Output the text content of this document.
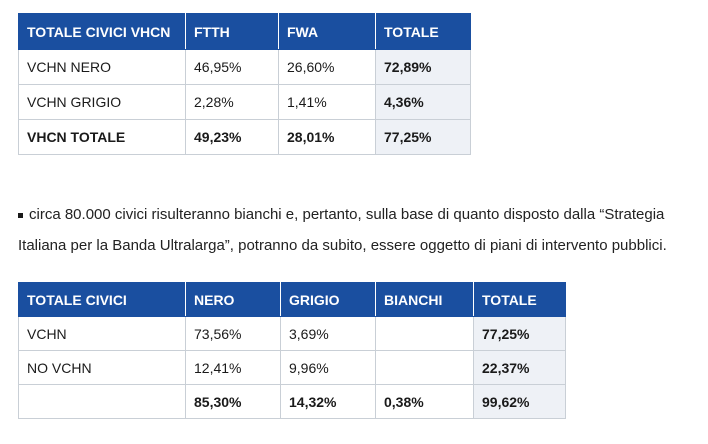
TOTALE CIVICI VHCN	FTTH	FWA	TOTALE
VCHN NERO	46,95%	26,60%	72,89%
VCHN GRIGIO	2,28%	1,41%	4,36%
VHCN TOTALE	49,23%	28,01%	77,25%
circa 80.000 civici risulteranno bianchi e, pertanto, sulla base di quanto disposto dalla “Strategia
Italiana per la Banda Ultralarga”, potranno da subito, essere oggetto di piani di intervento pubblici.
TOTALE CIVICI	NERO	GRIGIO	BIANCHI	TOTALE
VCHN	73,56%	3,69%		77,25%
NO VCHN	12,41%	9,96%		22,37%
	85,30%	14,32%	0,38%	99,62%
